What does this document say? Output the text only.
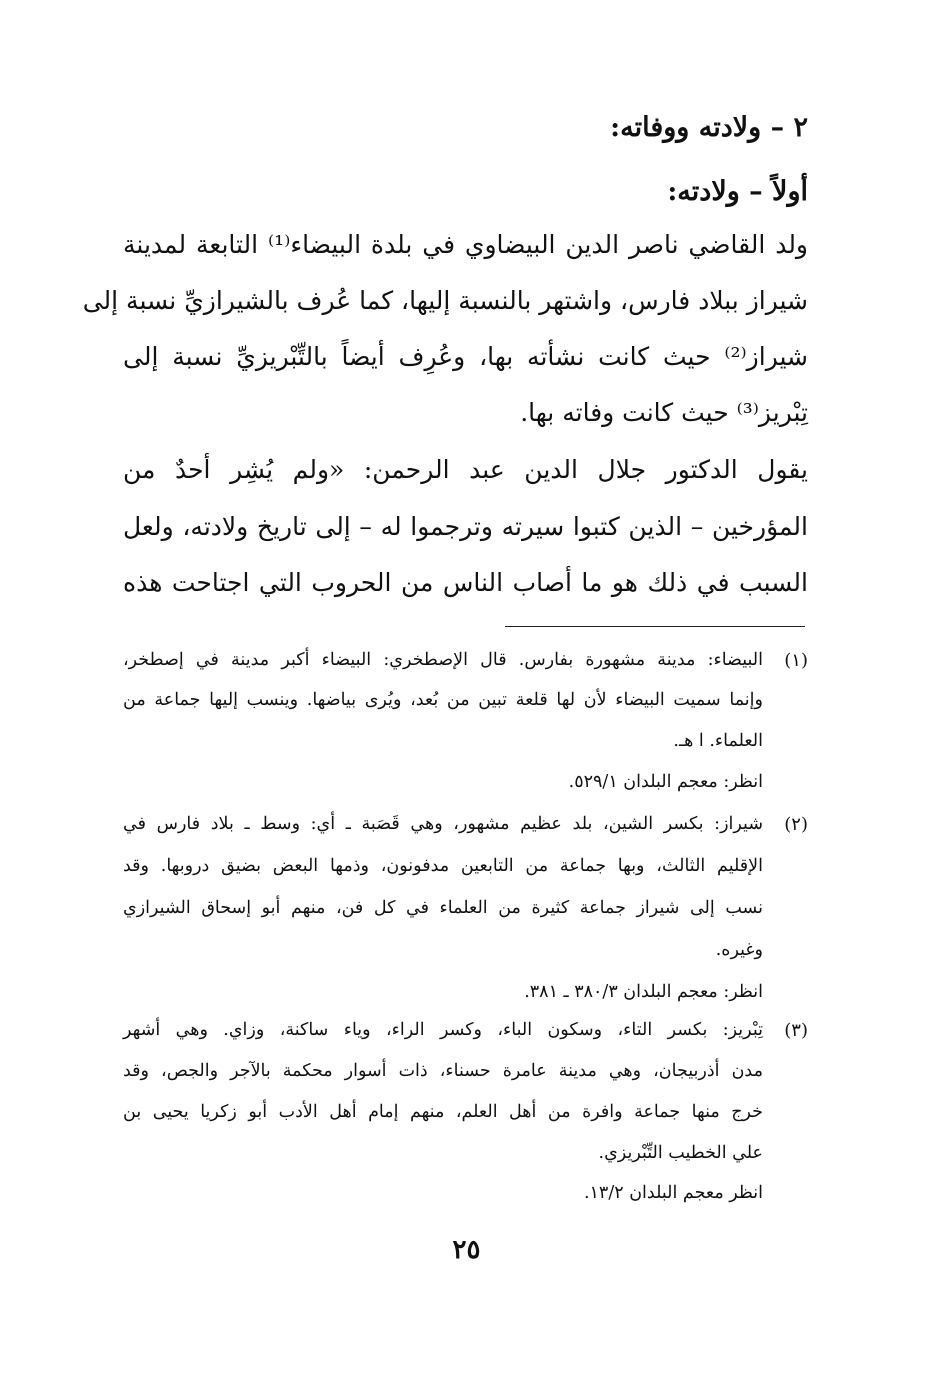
٢ – ولادته ووفاته:
أولاً – ولادته:
ولد القاضي ناصر الدين البيضاوي في بلدة البيضاء⁽¹⁾ التابعة لمدينة
شيراز ببلاد فارس، واشتهر بالنسبة إليها، كما عُرف بالشيرازيِّ نسبة إلى
شيراز⁽²⁾ حيث كانت نشأته بها، وعُرِف أيضاً بالتِّبْريزيِّ نسبة إلى
تِبْريز⁽³⁾ حيث كانت وفاته بها.
يقول الدكتور جلال الدين عبد الرحمن: «ولم يُشِر أحدٌ من
المؤرخين – الذين كتبوا سيرته وترجموا له – إلى تاريخ ولادته، ولعل
السبب في ذلك هو ما أصاب الناس من الحروب التي اجتاحت هذه
(١)
البيضاء: مدينة مشهورة بفارس. قال الإصطخري: البيضاء أكبر مدينة في إصطخر،
وإنما سميت البيضاء لأن لها قلعة تبين من بُعد، ويُرى بياضها. وينسب إليها جماعة من
العلماء. ا هـ.
انظر: معجم البلدان ٥٢٩/١.
(٢)
شيراز: بكسر الشين، بلد عظيم مشهور، وهي قَصَبة ـ أي: وسط ـ بلاد فارس في
الإقليم الثالث، وبها جماعة من التابعين مدفونون، وذمها البعض بضيق دروبها. وقد
نسب إلى شيراز جماعة كثيرة من العلماء في كل فن، منهم أبو إسحاق الشيرازي
وغيره.
انظر: معجم البلدان ٣٨٠/٣ ـ ٣٨١.
(٣)
تِبْريز: بكسر التاء، وسكون الباء، وكسر الراء، وياء ساكنة، وزاي. وهي أشهر
مدن أذربيجان، وهي مدينة عامرة حسناء، ذات أسوار محكمة بالآجر والجص، وقد
خرج منها جماعة وافرة من أهل العلم، منهم إمام أهل الأدب أبو زكريا يحيى بن
علي الخطيب التِّبْريزي.
انظر معجم البلدان ١٣/٢.
٢٥
